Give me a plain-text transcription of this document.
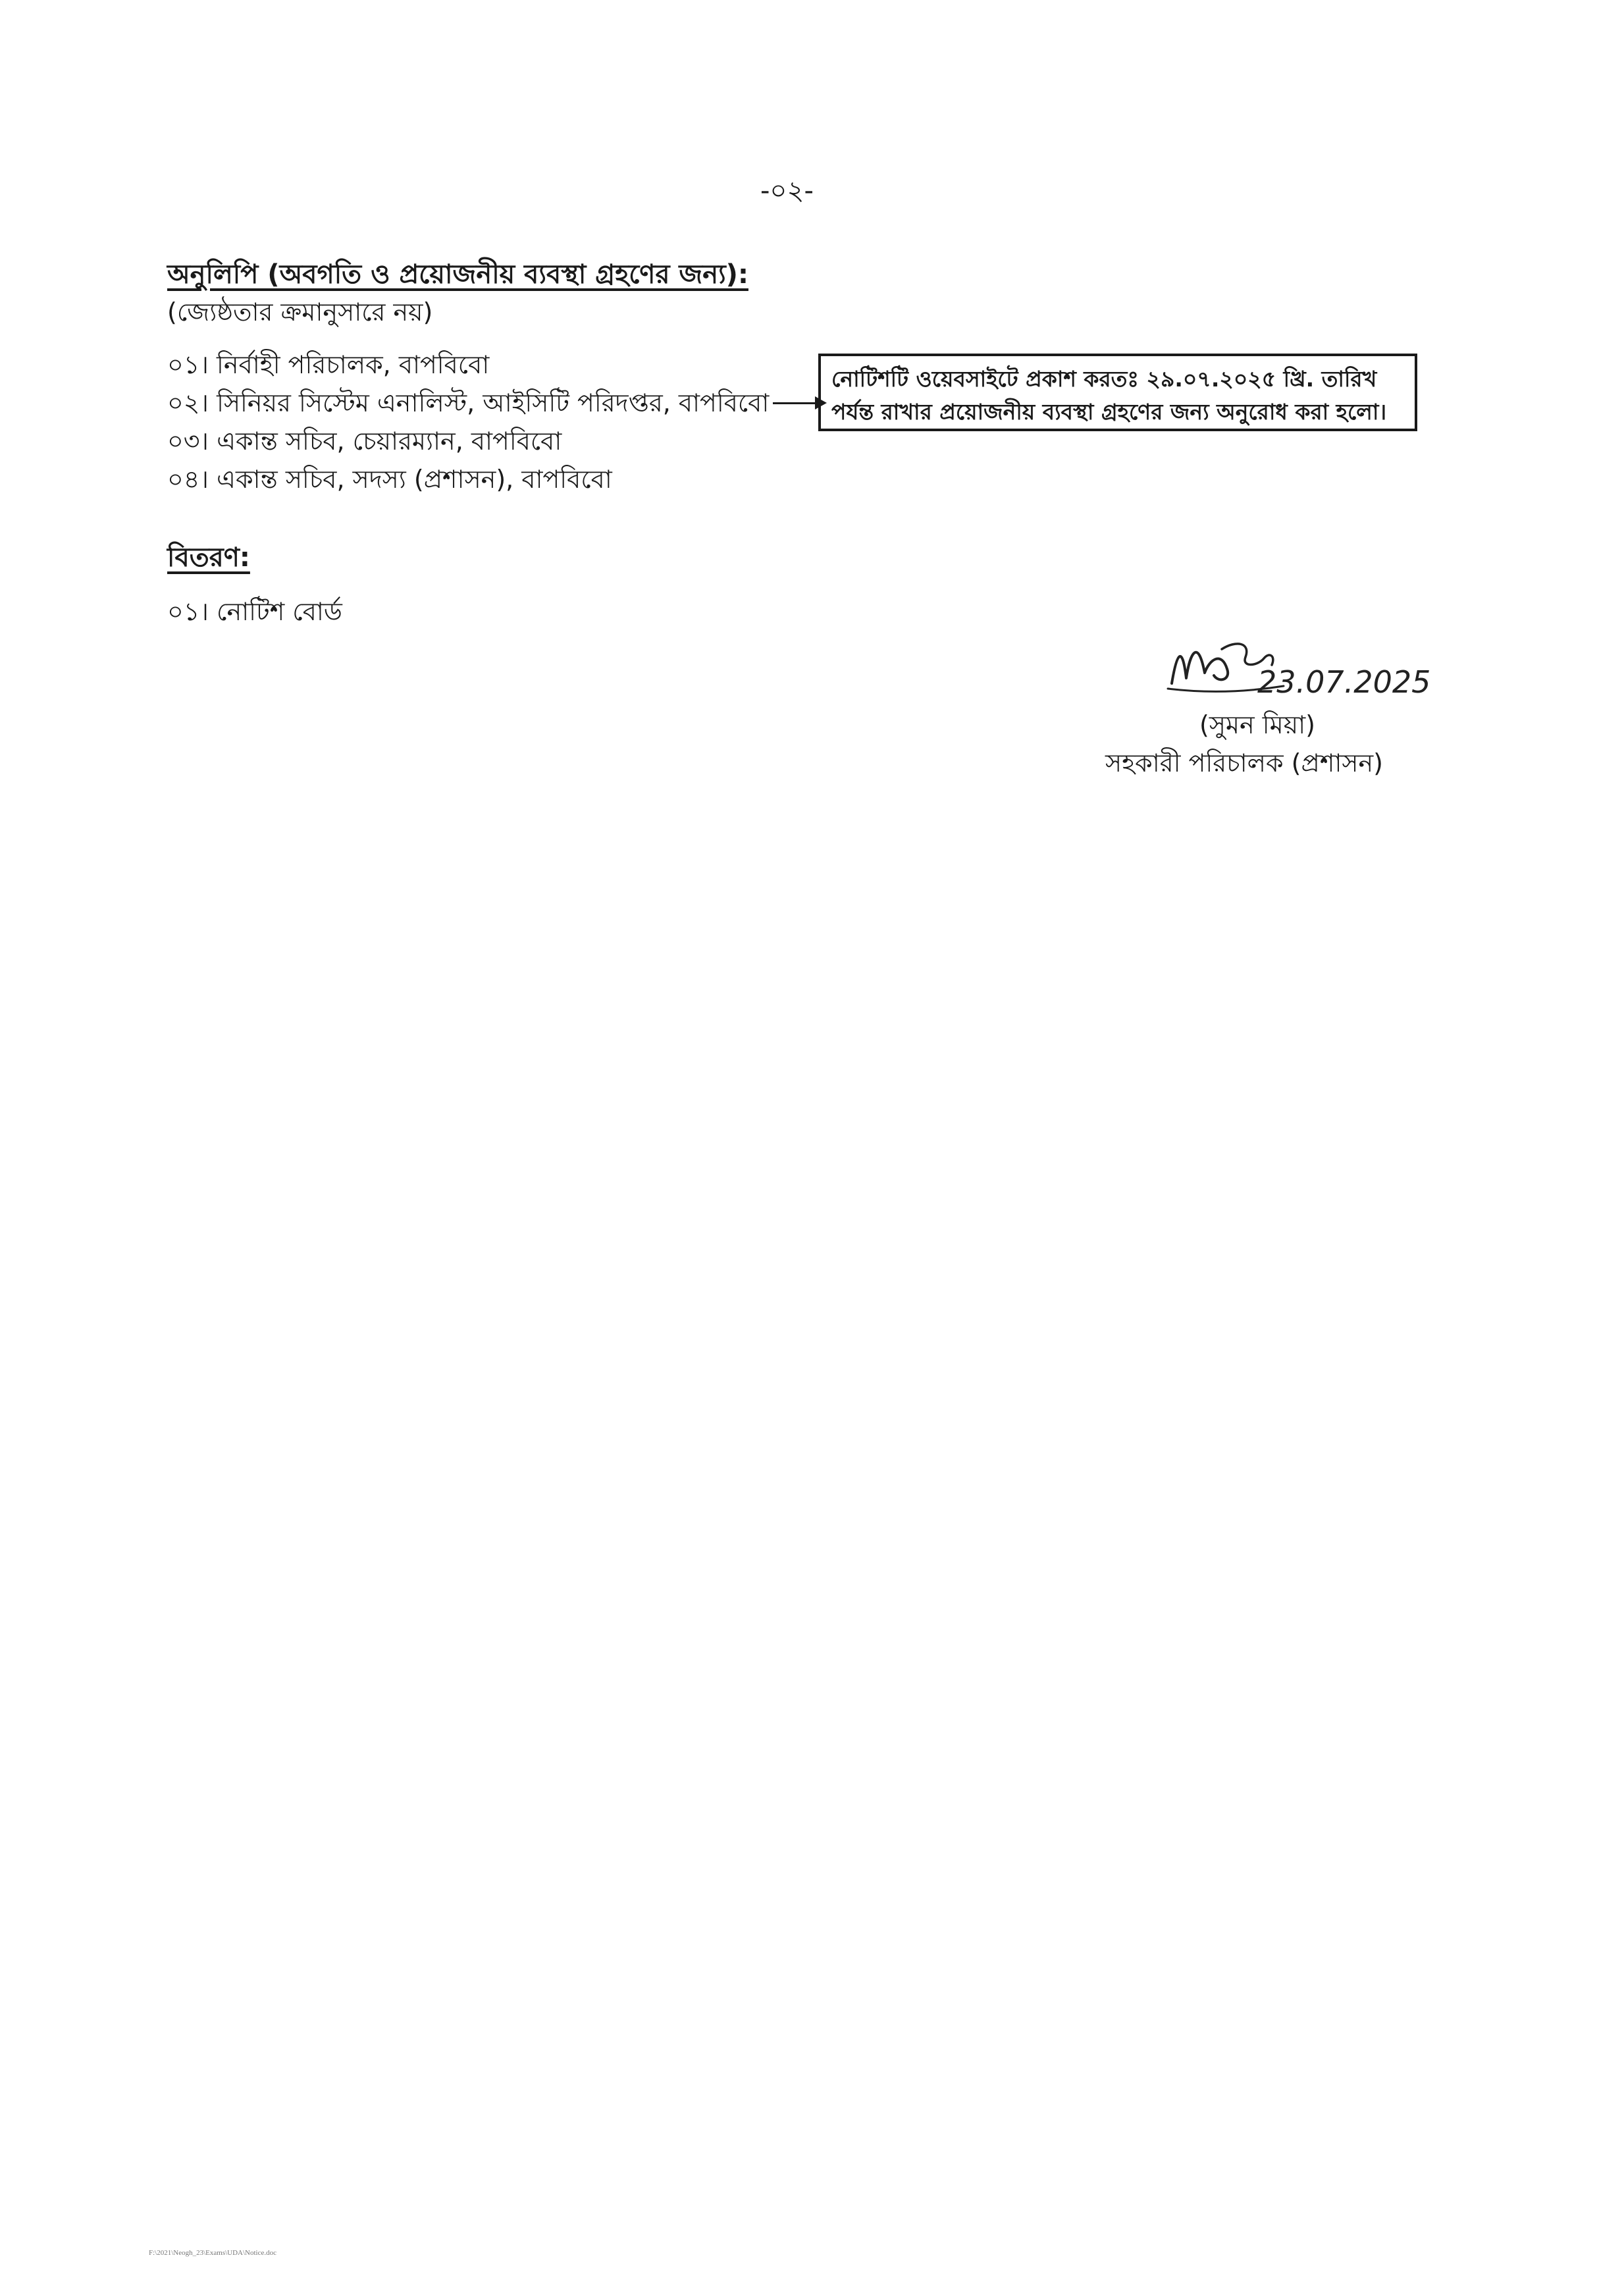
-০২-
অনুলিপি (অবগতি ও প্রয়োজনীয় ব্যবস্থা গ্রহণের জন্য):
(জ্যেষ্ঠতার ক্রমানুসারে নয়)
০১। নির্বাহী পরিচালক, বাপবিবো
০২। সিনিয়র সিস্টেম এনালিস্ট, আইসিটি পরিদপ্তর, বাপবিবো
০৩। একান্ত সচিব, চেয়ারম্যান, বাপবিবো
০৪। একান্ত সচিব, সদস্য (প্রশাসন), বাপবিবো
নোটিশটি ওয়েবসাইটে প্রকাশ করতঃ ২৯.০৭.২০২৫ খ্রি. তারিখ পর্যন্ত রাখার প্রয়োজনীয় ব্যবস্থা গ্রহণের জন্য অনুরোধ করা হলো।
বিতরণ:
০১। নোটিশ বোর্ড
23.07.2025
(সুমন মিয়া)
সহকারী পরিচালক (প্রশাসন)
F:\2021\Neogh_23\Exams\UDA\Notice.doc
